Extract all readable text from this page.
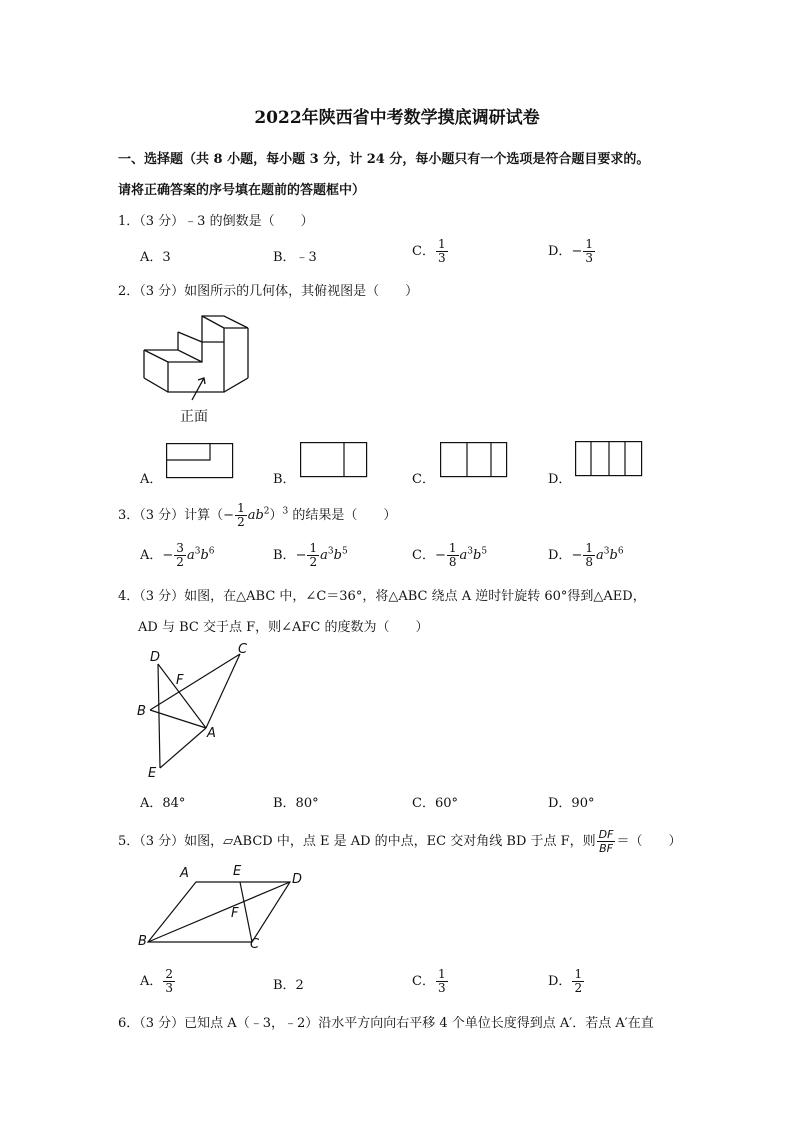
2022年陕西省中考数学摸底调研试卷
一、选择题（共 8 小题，每小题 3 分，计 24 分，每小题只有一个选项是符合题目要求的。
请将正确答案的序号填在题前的答题框中）
1．（3 分）﹣3 的倒数是（　　）
A．3	B．﹣3	C． $\frac{1}{3}$	D．− $\frac{1}{3}$
2．（3 分）如图所示的几何体，其俯视图是（　　）
正面
A．	B．	C．	D．
3．（3 分）计算（− $\frac{1}{2} ab^2)^3$ 的结果是（　　）
A．− $\frac{3}{2} a^3b^6$	B．− $\frac{1}{2} a^3b^5$	C．− $\frac{1}{8} a^3b^5$	D．− $\frac{1}{8} a^3b^6$
4．（3 分）如图，在△ABC 中，∠C＝36°，将△ABC 绕点 A 逆时针旋转 60°得到△AED，
AD 与 BC 交于点 F，则∠AFC 的度数为（　　）
D
C
F
B
A
E
A．84°	B．80°	C．60°	D．90°
5．（3 分）如图，▱ABCD 中，点 E 是 AD 的中点，EC 交对角线 BD 于点 F，则 $\frac{DF}{BF}$ ＝（　　）
A	E
D
F
B	C
A． $\frac{2}{3}$	B．2	C． $\frac{1}{3}$	D． $\frac{1}{2}$
6．（3 分）已知点 A（﹣3，﹣2）沿水平方向向右平移 4 个单位长度得到点 A′．若点 A′在直
